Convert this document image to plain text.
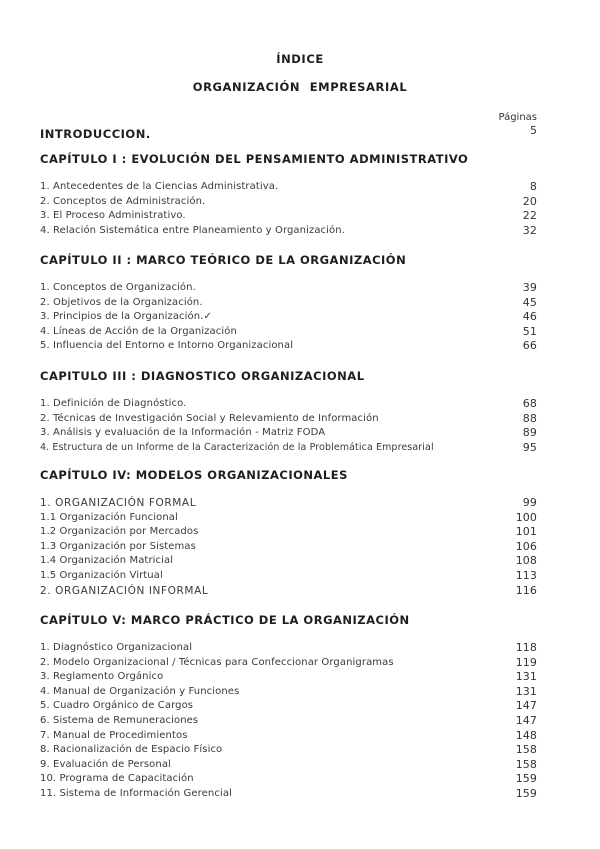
ÍNDICE
ORGANIZACIÓN EMPRESARIAL
Páginas
INTRODUCCION.	5
CAPÍTULO I : EVOLUCIÓN DEL PENSAMIENTO ADMINISTRATIVO
1. Antecedentes de la Ciencias Administrativa.	8
2. Conceptos de Administración.	20
3. El Proceso Administrativo.	22
4. Relación Sistemática entre Planeamiento y Organización.	32
CAPÍTULO II : MARCO TEÓRICO DE LA ORGANIZACIÓN
1. Conceptos de Organización.	39
2. Objetivos de la Organización.	45
3. Principios de la Organización.✓	46
4. Líneas de Acción de la Organización	51
5. Influencia del Entorno e Intorno Organizacional	66
CAPITULO III : DIAGNOSTICO ORGANIZACIONAL
1. Definición de Diagnóstico.	68
2. Técnicas de Investigación Social y Relevamiento de Información	88
3. Análisis y evaluación de la Información - Matriz FODA	89
4. Estructura de un Informe de la Caracterización de la Problemática Empresarial	95
CAPÍTULO IV: MODELOS ORGANIZACIONALES
1. ORGANIZACIÓN FORMAL	99
1.1 Organización Funcional	100
1.2 Organización por Mercados	101
1.3 Organización por Sistemas	106
1.4 Organización Matricial	108
1.5 Organización Virtual	113
2. ORGANIZACIÓN INFORMAL	116
CAPÍTULO V: MARCO PRÁCTICO DE LA ORGANIZACIÓN
1. Diagnóstico Organizacional	118
2. Modelo Organizacional / Técnicas para Confeccionar Organigramas	119
3. Reglamento Orgánico	131
4. Manual de Organización y Funciones	131
5. Cuadro Orgánico de Cargos	147
6. Sistema de Remuneraciones	147
7. Manual de Procedimientos	148
8. Racionalización de Espacio Físico	158
9. Evaluación de Personal	158
10. Programa de Capacitación	159
11. Sistema de Información Gerencial	159
